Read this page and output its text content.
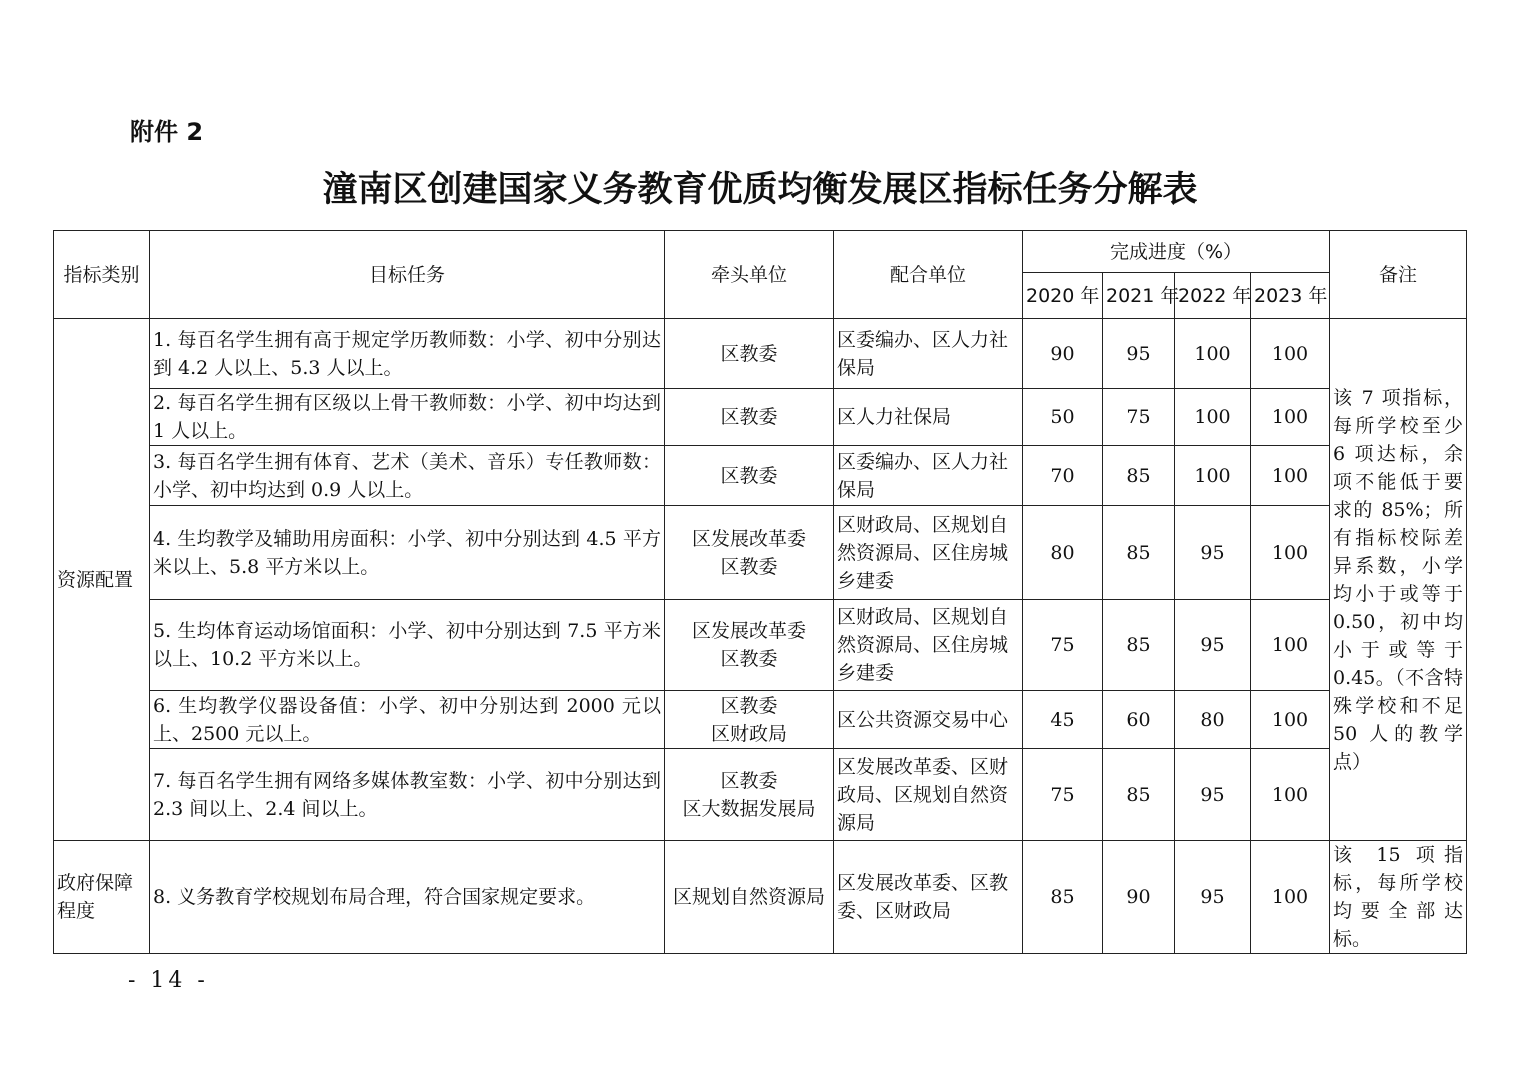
附件 2
潼南区创建国家义务教育优质均衡发展区指标任务分解表
指标类别	目标任务	牵头单位	配合单位	完成进度（%）				备注
				2020 年	2021 年	2022 年	2023 年	
资源配置	1. 每百名学生拥有高于规定学历教师数：小学、初中分别达到 4.2 人以上、5.3 人以上。	区教委	区委编办、区人力社保局	90	95	100	100	该 7 项指标，每所学校至少 6 项达标，余项不能低于要求的 85%；所有指标校际差异系数，小学均小于或等于 0.50，初中均小于或等于 0.45。（不含特殊学校和不足 50 人的教学点）
	2. 每百名学生拥有区级以上骨干教师数：小学、初中均达到 1 人以上。	区教委	区人力社保局	50	75	100	100	
	3. 每百名学生拥有体育、艺术（美术、音乐）专任教师数：小学、初中均达到 0.9 人以上。	区教委	区委编办、区人力社保局	70	85	100	100	
	4. 生均教学及辅助用房面积：小学、初中分别达到 4.5 平方米以上、5.8 平方米以上。	区发展改革委
区教委	区财政局、区规划自然资源局、区住房城乡建委	80	85	95	100	
	5. 生均体育运动场馆面积：小学、初中分别达到 7.5 平方米以上、10.2 平方米以上。	区发展改革委
区教委	区财政局、区规划自然资源局、区住房城乡建委	75	85	95	100	
	6. 生均教学仪器设备值：小学、初中分别达到 2000 元以上、2500 元以上。	区教委
区财政局	区公共资源交易中心	45	60	80	100	
	7. 每百名学生拥有网络多媒体教室数：小学、初中分别达到 2.3 间以上、2.4 间以上。	区教委
区大数据发展局	区发展改革委、区财政局、区规划自然资源局	75	85	95	100	
政府保障程度	8. 义务教育学校规划布局合理，符合国家规定要求。	区规划自然资源局	区发展改革委、区教委、区财政局	85	90	95	100	该 15 项指标，每所学校均要全部达标。
- 14 -
